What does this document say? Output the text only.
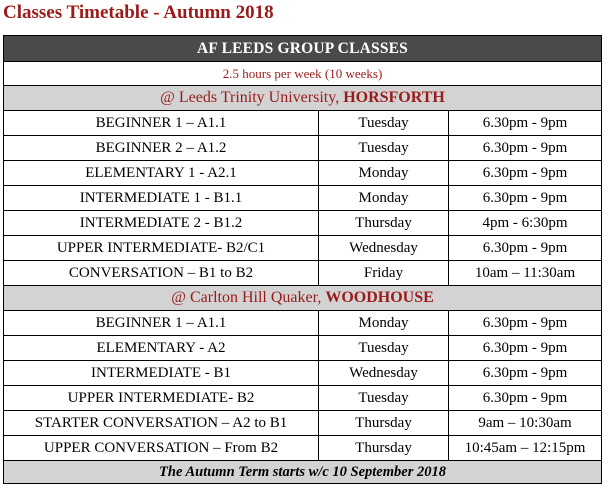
Classes Timetable - Autumn 2018
AF LEEDS GROUP CLASSES		
2.5 hours per week (10 weeks)		
@ Leeds Trinity University, HORSFORTH		
BEGINNER 1 – A1.1	Tuesday	6.30pm - 9pm
BEGINNER 2 – A1.2	Tuesday	6.30pm - 9pm
ELEMENTARY 1 - A2.1	Monday	6.30pm - 9pm
INTERMEDIATE 1 - B1.1	Monday	6.30pm - 9pm
INTERMEDIATE 2 - B1.2	Thursday	4pm - 6:30pm
UPPER INTERMEDIATE- B2/C1	Wednesday	6.30pm - 9pm
CONVERSATION – B1 to B2	Friday	10am – 11:30am
@ Carlton Hill Quaker, WOODHOUSE		
BEGINNER 1 – A1.1	Monday	6.30pm - 9pm
ELEMENTARY - A2	Tuesday	6.30pm - 9pm
INTERMEDIATE - B1	Wednesday	6.30pm - 9pm
UPPER INTERMEDIATE- B2	Tuesday	6.30pm - 9pm
STARTER CONVERSATION – A2 to B1	Thursday	9am – 10:30am
UPPER CONVERSATION – From B2	Thursday	10:45am – 12:15pm
The Autumn Term starts w/c 10 September 2018		
